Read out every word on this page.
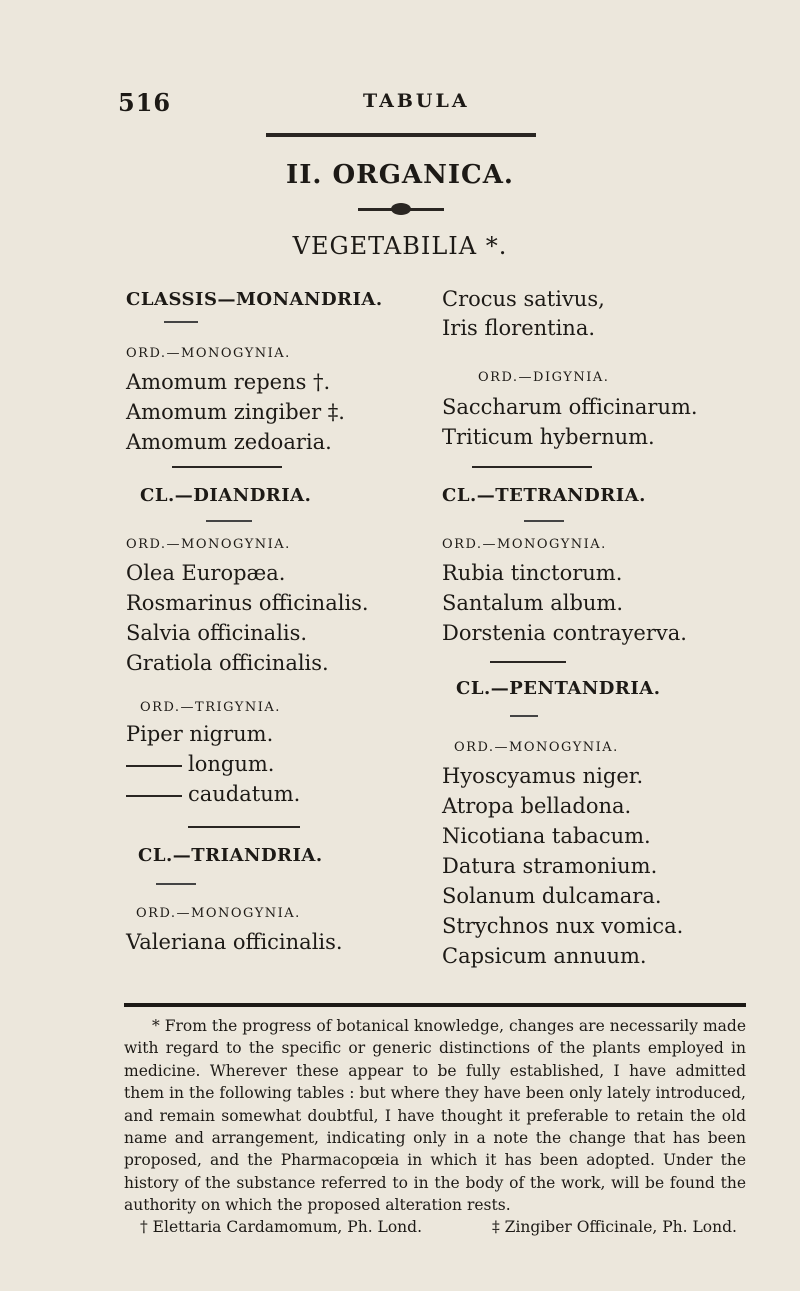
516	TABULA
II. ORGANICA.
VEGETABILIA *.
CLASSIS—MONANDRIA.
ORD.—MONOGYNIA.
Amomum repens †.
Amomum zingiber ‡.
Amomum zedoaria.
CL.—DIANDRIA.
ORD.—MONOGYNIA.
Olea Europæa.
Rosmarinus officinalis.
Salvia officinalis.
Gratiola officinalis.
ORD.—TRIGYNIA.
Piper nigrum.
longum.
caudatum.
CL.—TRIANDRIA.
ORD.—MONOGYNIA.
Valeriana officinalis.
Crocus sativus,
Iris florentina.
ORD.—DIGYNIA.
Saccharum officinarum.
Triticum hybernum.
CL.—TETRANDRIA.
ORD.—MONOGYNIA.
Rubia tinctorum.
Santalum album.
Dorstenia contrayerva.
CL.—PENTANDRIA.
ORD.—MONOGYNIA.
Hyoscyamus niger.
Atropa belladona.
Nicotiana tabacum.
Datura stramonium.
Solanum dulcamara.
Strychnos nux vomica.
Capsicum annuum.

* From the progress of botanical knowledge, changes are necessarily made with regard to the specific or generic distinctions of the plants employed in medicine. Wherever these appear to be fully established, I have admitted them in the following tables : but where they have been only lately introduced, and remain somewhat doubtful, I have thought it preferable to retain the old name and arrangement, indicating only in a note the change that has been proposed, and the Pharmacopœia in which it has been adopted. Under the history of the substance referred to in the body of the work, will be found the authority on which the proposed alteration rests.

† Elettaria Cardamomum, Ph. Lond.	‡ Zingiber Officinale, Ph. Lond.
